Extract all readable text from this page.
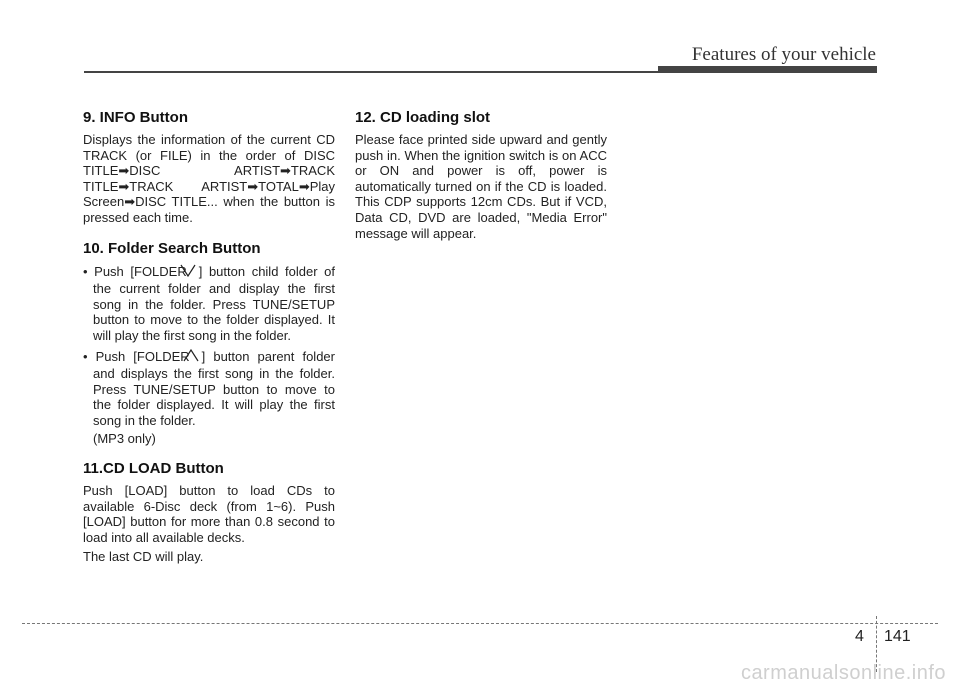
Features of your vehicle
9. INFO Button

Displays the information of the current CD TRACK (or FILE) in the order of DISC TITLE➡DISC ARTIST➡TRACK TITLE➡TRACK ARTIST➡TOTAL➡Play Screen➡DISC TITLE... when the button is pressed each time.

10. Folder Search Button
• Push [FOLDER ] button child folder of the current folder and display the first song in the folder. Press TUNE/SETUP button to move to the folder displayed. It will play the first song in the folder.
• Push [FOLDER ] button parent folder and displays the first song in the folder. Press TUNE/SETUP button to move to the folder displayed. It will play the first song in the folder.
(MP3 only)
11.CD LOAD Button

Push [LOAD] button to load CDs to available 6-Disc deck (from 1~6). Push [LOAD] button for more than 0.8 second to load into all available decks.

The last CD will play.

12. CD loading slot

Please face printed side upward and gently push in. When the ignition switch is on ACC or ON and power is off, power is automatically turned on if the CD is loaded. This CDP supports 12cm CDs. But if VCD, Data CD, DVD are loaded, "Media Error" message will appear.

4 141
carmanualsonline.info
